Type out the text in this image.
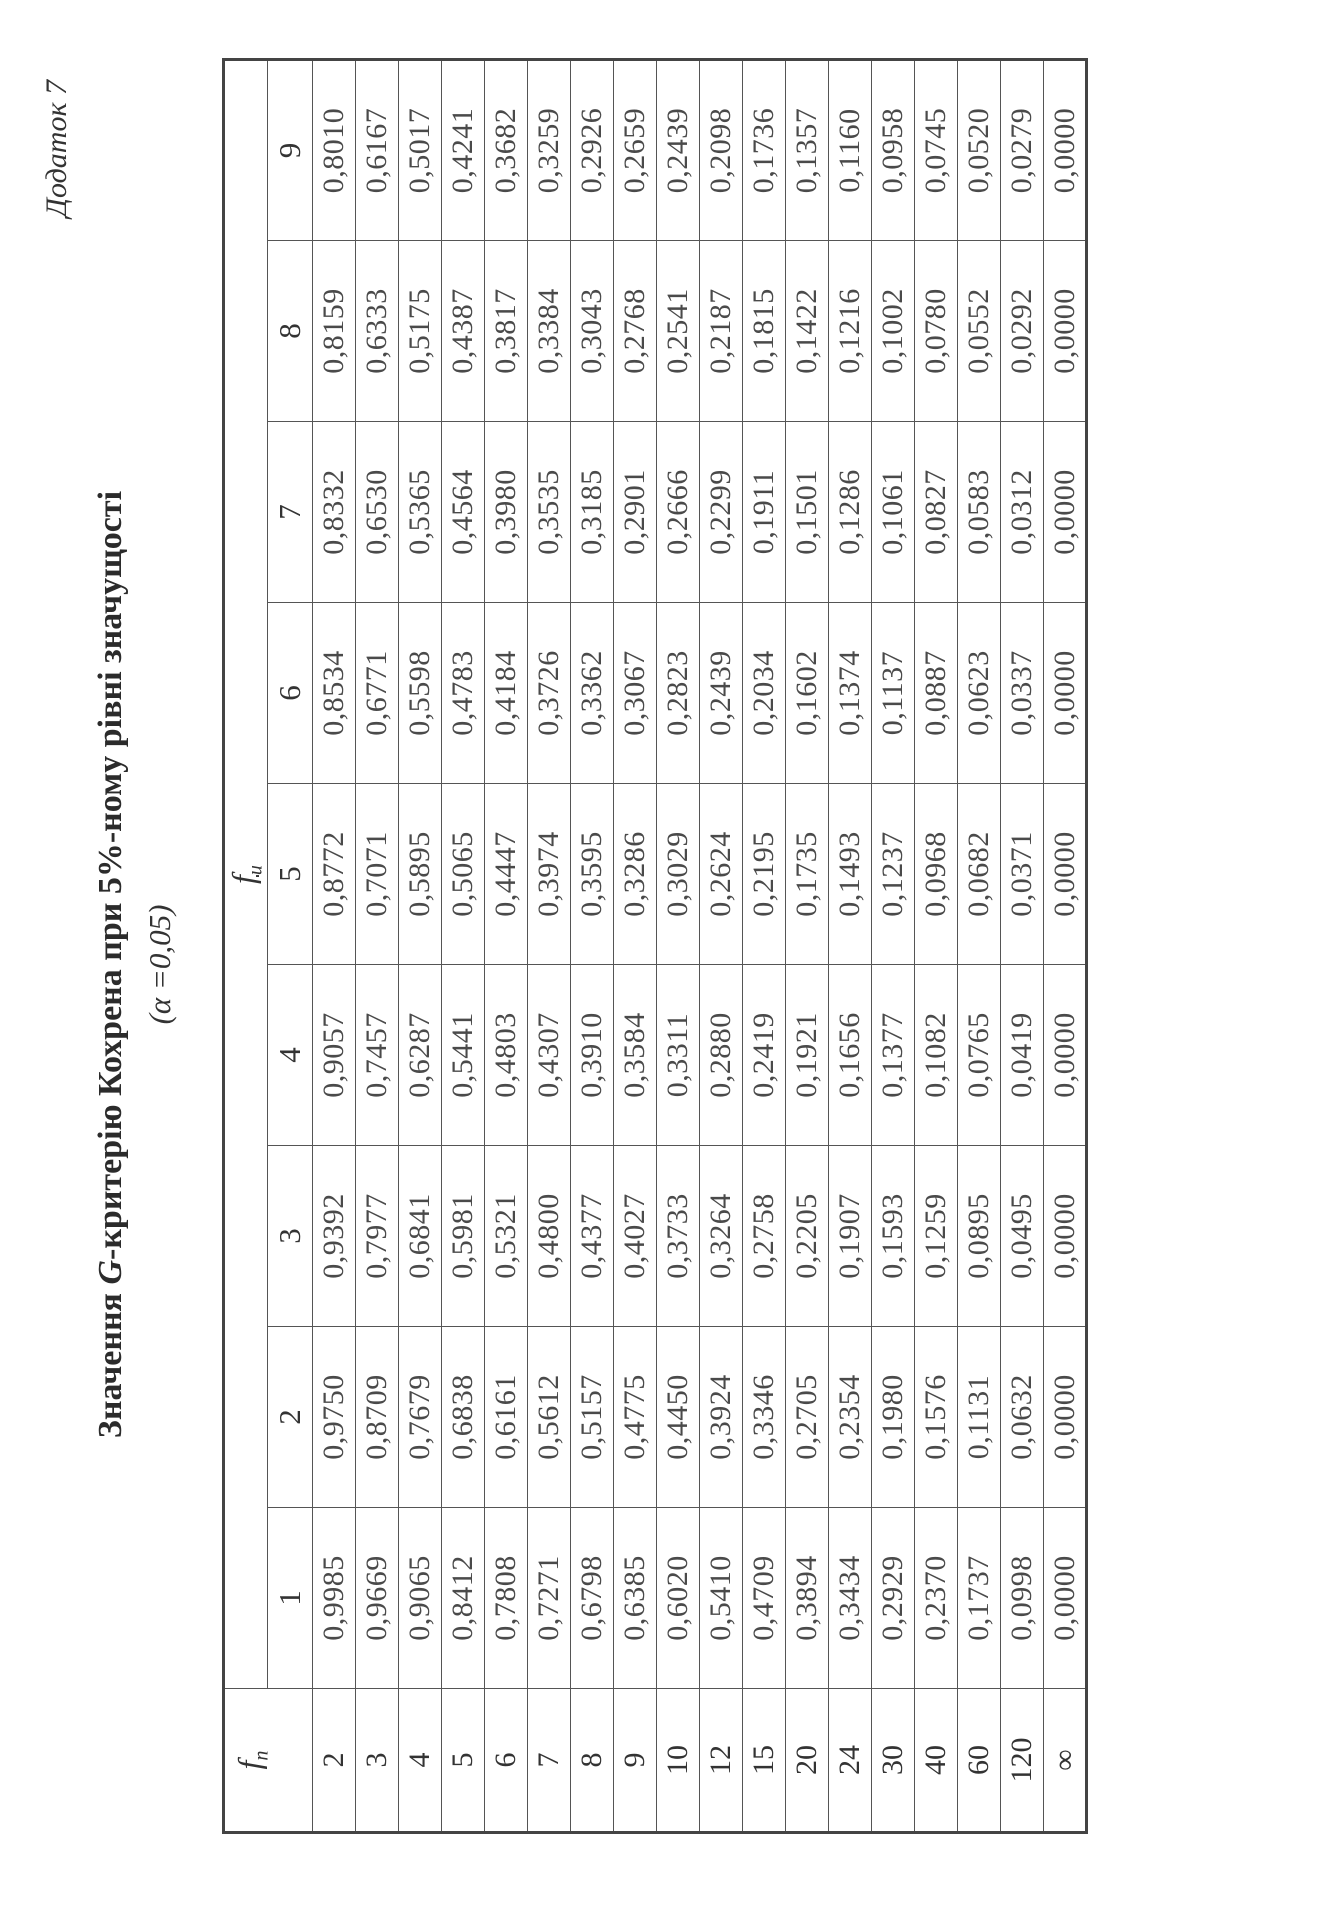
Додаток 7
Значення G-критерію Кохрена при 5%-ному рівні значущості (α =0,05)
$f_n$	$f_u$
	1	2	3	4	5	6	7	8	9
2	0,9985	0,9750	0,9392	0,9057	0,8772	0,8534	0,8332	0,8159	0,8010
3	0,9669	0,8709	0,7977	0,7457	0,7071	0,6771	0,6530	0,6333	0,6167
4	0,9065	0,7679	0,6841	0,6287	0,5895	0,5598	0,5365	0,5175	0,5017
5	0,8412	0,6838	0,5981	0,5441	0,5065	0,4783	0,4564	0,4387	0,4241
6	0,7808	0,6161	0,5321	0,4803	0,4447	0,4184	0,3980	0,3817	0,3682
7	0,7271	0,5612	0,4800	0,4307	0,3974	0,3726	0,3535	0,3384	0,3259
8	0,6798	0,5157	0,4377	0,3910	0,3595	0,3362	0,3185	0,3043	0,2926
9	0,6385	0,4775	0,4027	0,3584	0,3286	0,3067	0,2901	0,2768	0,2659
10	0,6020	0,4450	0,3733	0,3311	0,3029	0,2823	0,2666	0,2541	0,2439
12	0,5410	0,3924	0,3264	0,2880	0,2624	0,2439	0,2299	0,2187	0,2098
15	0,4709	0,3346	0,2758	0,2419	0,2195	0,2034	0,1911	0,1815	0,1736
20	0,3894	0,2705	0,2205	0,1921	0,1735	0,1602	0,1501	0,1422	0,1357
24	0,3434	0,2354	0,1907	0,1656	0,1493	0,1374	0,1286	0,1216	0,1160
30	0,2929	0,1980	0,1593	0,1377	0,1237	0,1137	0,1061	0,1002	0,0958
40	0,2370	0,1576	0,1259	0,1082	0,0968	0,0887	0,0827	0,0780	0,0745
60	0,1737	0,1131	0,0895	0,0765	0,0682	0,0623	0,0583	0,0552	0,0520
120	0,0998	0,0632	0,0495	0,0419	0,0371	0,0337	0,0312	0,0292	0,0279
∞	0,0000	0,0000	0,0000	0,0000	0,0000	0,0000	0,0000	0,0000	0,0000
